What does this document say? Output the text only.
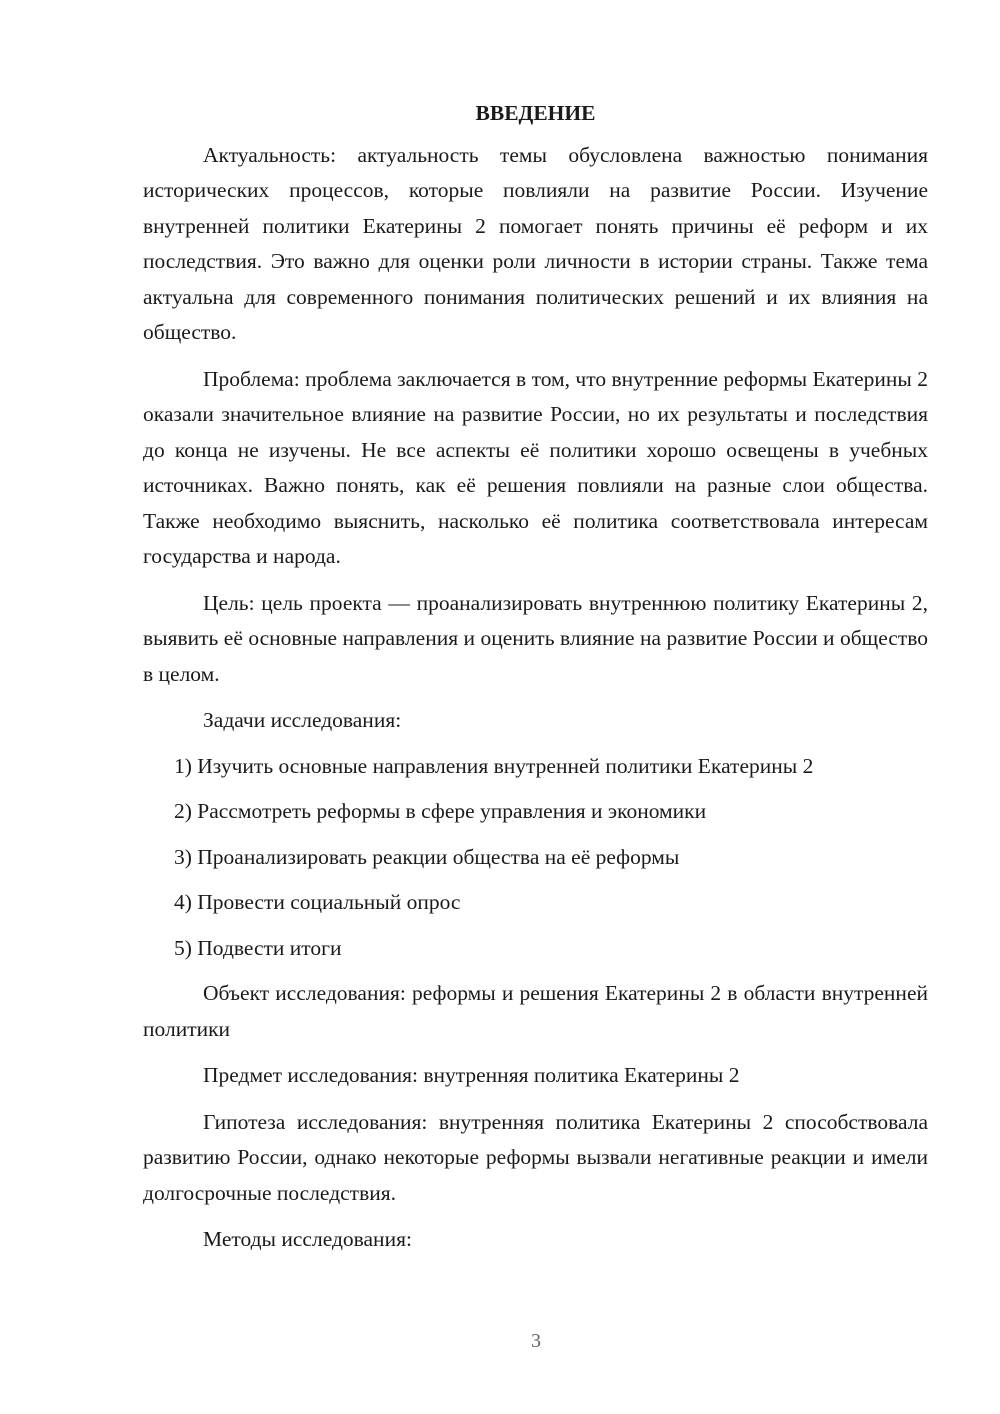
ВВЕДЕНИЕ

Актуальность: актуальность темы обусловлена важностью понимания исторических процессов, которые повлияли на развитие России. Изучение внутренней политики Екатерины 2 помогает понять причины её реформ и их последствия. Это важно для оценки роли личности в истории страны. Также тема актуальна для современного понимания политических решений и их влияния на общество.

Проблема: проблема заключается в том, что внутренние реформы Екатерины 2 оказали значительное влияние на развитие России, но их результаты и последствия до конца не изучены. Не все аспекты её политики хорошо освещены в учебных источниках. Важно понять, как её решения повлияли на разные слои общества. Также необходимо выяснить, насколько её политика соответствовала интересам государства и народа.

Цель: цель проекта — проанализировать внутреннюю политику Екатерины 2, выявить её основные направления и оценить влияние на развитие России и общество в целом.

Задачи исследования:
1) Изучить основные направления внутренней политики Екатерины 2
2) Рассмотреть реформы в сфере управления и экономики
3) Проанализировать реакции общества на её реформы
4) Провести социальный опрос
5) Подвести итоги

Объект исследования: реформы и решения Екатерины 2 в области внутренней политики

Предмет исследования: внутренняя политика Екатерины 2

Гипотеза исследования: внутренняя политика Екатерины 2 способствовала развитию России, однако некоторые реформы вызвали негативные реакции и имели долгосрочные последствия.

Методы исследования:
3
